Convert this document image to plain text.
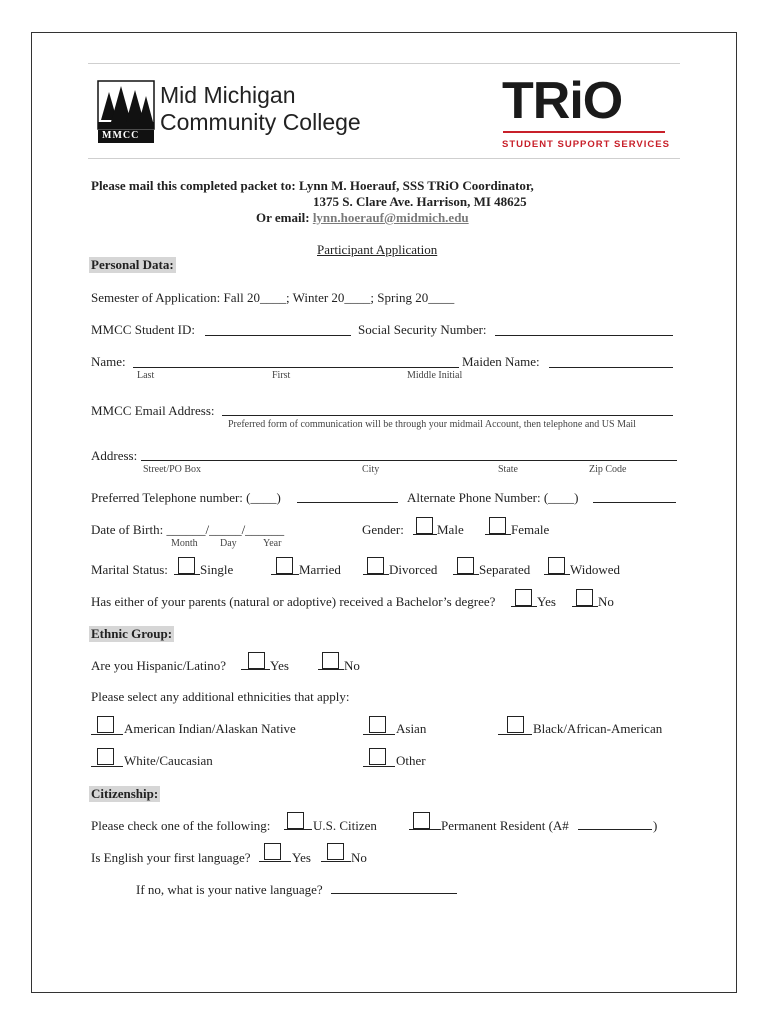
MMCC
Mid Michigan
Community College	TRiO
STUDENT SUPPORT SERVICES
Please mail this completed packet to: Lynn M. Hoerauf, SSS TRiO Coordinator,
1375 S. Clare Ave. Harrison, MI 48625
Or email: lynn.hoerauf@midmich.edu
Participant Application
Personal Data:
Semester of Application: Fall 20____; Winter 20____; Spring 20____
MMCC Student ID:	Social Security Number:
Name:	Maiden Name:
Last	First	Middle Initial
MMCC Email Address:
Preferred form of communication will be through your midmail Account, then telephone and US Mail
Address:
Street/PO Box	City	State	Zip Code
Preferred Telephone number: (____)	Alternate Phone Number: (____)
Date of Birth: ______/_____/______
Month Day	Year
Gender:	Male	Female
Marital Status: Single	Married	Divorced	Separated	Widowed
Has either of your parents (natural or adoptive) received a Bachelor’s degree?	Yes	No
Ethnic Group:
Are you Hispanic/Latino?	Yes	No
Please select any additional ethnicities that apply:
American Indian/Alaskan Native	Asian	Black/African-American
White/Caucasian	Other
Citizenship:
Please check one of the following:	U.S. Citizen	Permanent Resident (A#	)
Is English your first language?	Yes	No
If no, what is your native language?
